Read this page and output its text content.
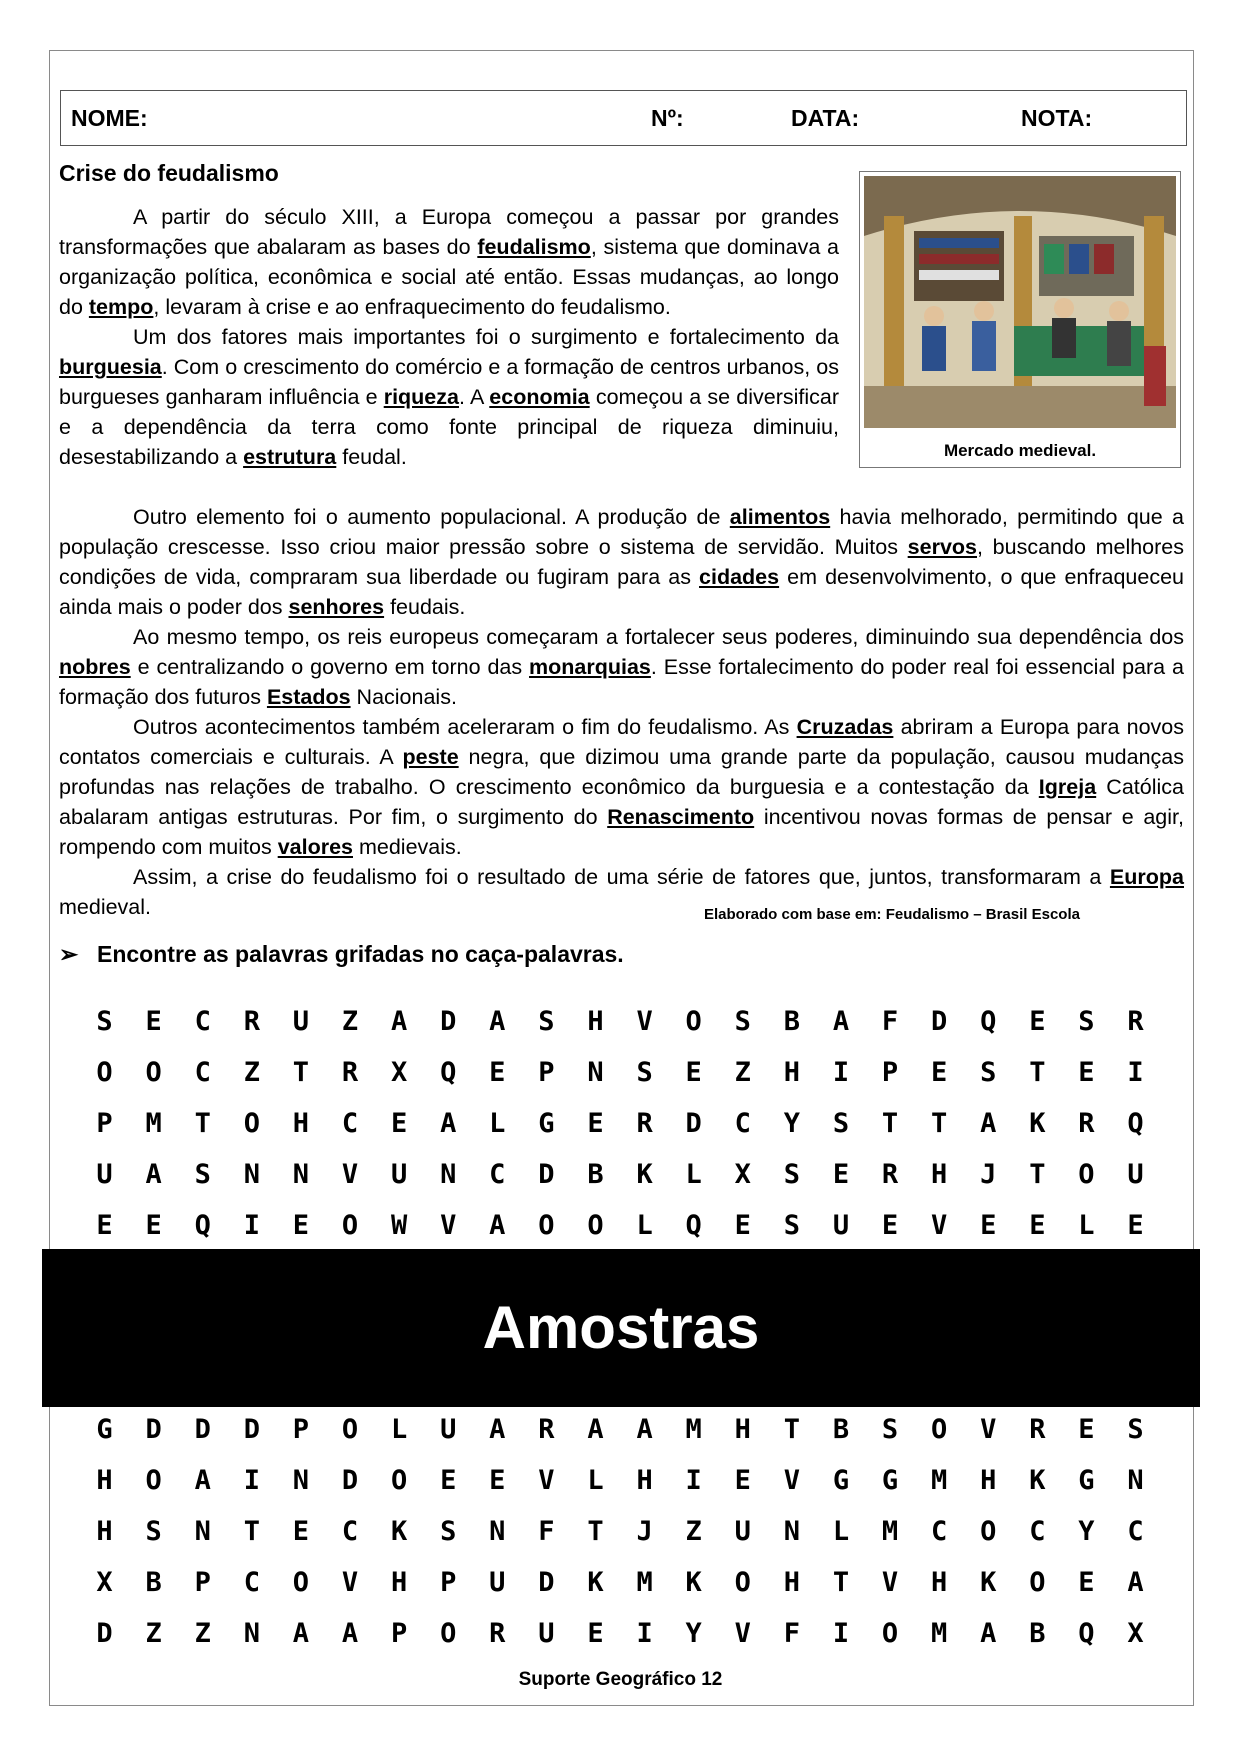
NOME:	Nº:	DATA:	NOTA:
Crise do feudalismo
Mercado medieval.

A partir do século XIII, a Europa começou a passar por grandes transformações que abalaram as bases do feudalismo, sistema que dominava a organização política, econômica e social até então. Essas mudanças, ao longo do tempo, levaram à crise e ao enfraquecimento do feudalismo.

Um dos fatores mais importantes foi o surgimento e fortalecimento da burguesia. Com o crescimento do comércio e a formação de centros urbanos, os burgueses ganharam influência e riqueza. A economia começou a se diversificar e a dependência da terra como fonte principal de riqueza diminuiu, desestabilizando a estrutura feudal.

Outro elemento foi o aumento populacional. A produção de alimentos havia melhorado, permitindo que a população crescesse. Isso criou maior pressão sobre o sistema de servidão. Muitos servos, buscando melhores condições de vida, compraram sua liberdade ou fugiram para as cidades em desenvolvimento, o que enfraqueceu ainda mais o poder dos senhores feudais.

Ao mesmo tempo, os reis europeus começaram a fortalecer seus poderes, diminuindo sua dependência dos nobres e centralizando o governo em torno das monarquias. Esse fortalecimento do poder real foi essencial para a formação dos futuros Estados Nacionais.

Outros acontecimentos também aceleraram o fim do feudalismo. As Cruzadas abriram a Europa para novos contatos comerciais e culturais. A peste negra, que dizimou uma grande parte da população, causou mudanças profundas nas relações de trabalho. O crescimento econômico da burguesia e a contestação da Igreja Católica abalaram antigas estruturas. Por fim, o surgimento do Renascimento incentivou novas formas de pensar e agir, rompendo com muitos valores medievais.

Assim, a crise do feudalismo foi o resultado de uma série de fatores que, juntos, transformaram a Europa medieval.	Elaborado com base em: Feudalismo – Brasil Escola
➢ Encontre as palavras grifadas no caça-palavras.
S	E	C	R	U	Z	A	D	A	S	H	V	O	S	B	A	F	D	Q	E	S	R
O	O	C	Z	T	R	X	Q	E	P	N	S	E	Z	H	I	P	E	S	T	E	I
P	M	T	O	H	C	E	A	L	G	E	R	D	C	Y	S	T	T	A	K	R	Q
U	A	S	N	N	V	U	N	C	D	B	K	L	X	S	E	R	H	J	T	O	U
E	E	Q	I	E	O	W	V	A	O	O	L	Q	E	S	U	E	V	E	E	L	E
G	D	D	D	P	O	L	U	A	R	A	A	M	H	T	B	S	O	V	R	E	S
H	O	A	I	N	D	O	E	E	V	L	H	I	E	V	G	G	M	H	K	G	N
H	S	N	T	E	C	K	S	N	F	T	J	Z	U	N	L	M	C	O	C	Y	C
X	B	P	C	O	V	H	P	U	D	K	M	K	O	H	T	V	H	K	O	E	A
D	Z	Z	N	A	A	P	O	R	U	E	I	Y	V	F	I	O	M	A	B	Q	X
Amostras
Suporte Geográfico 12
